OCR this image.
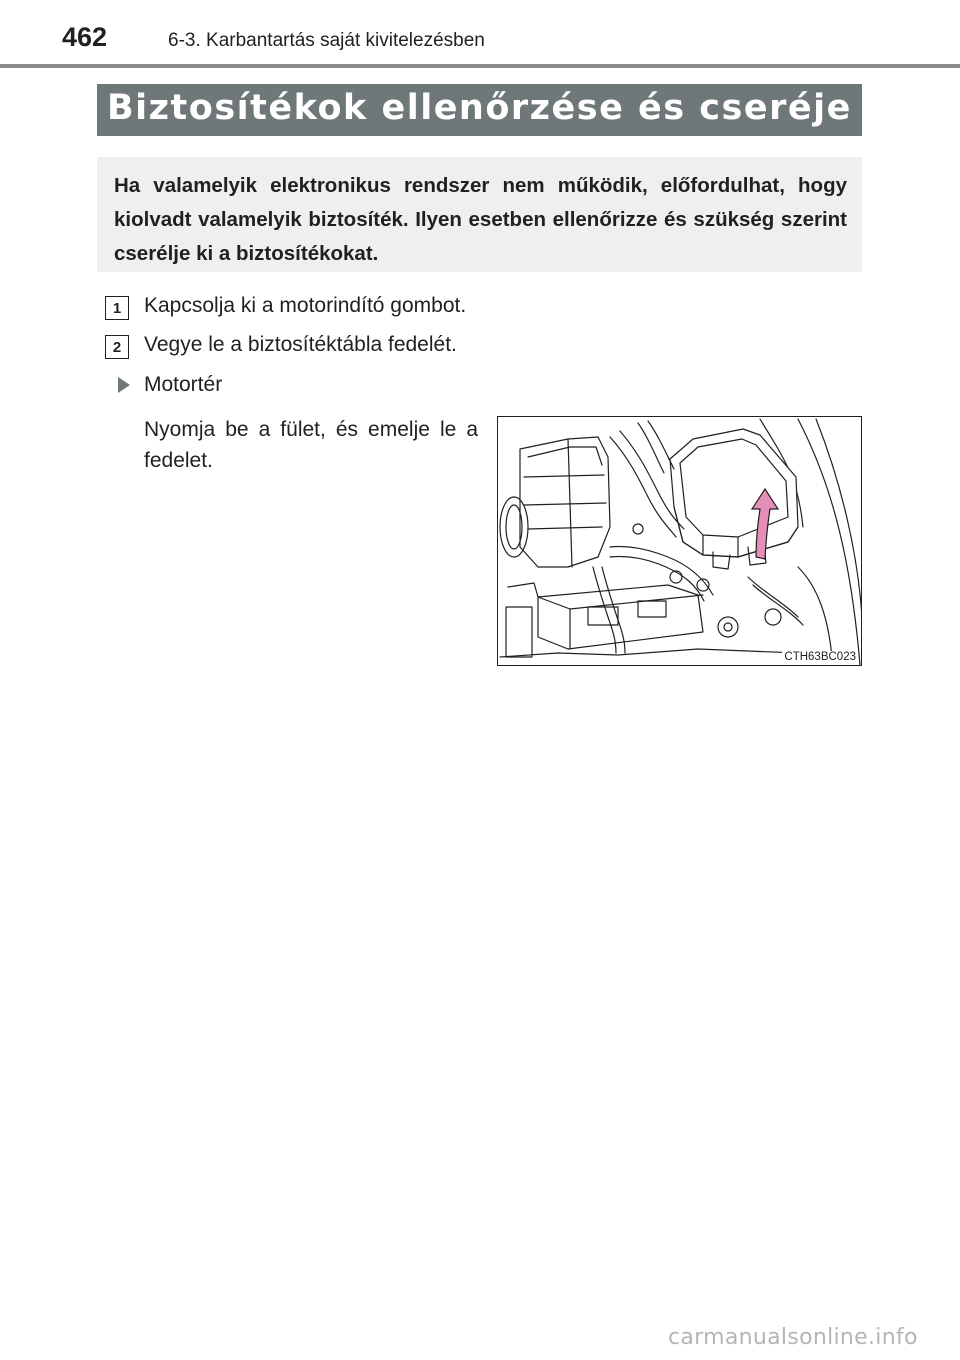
462	6-3. Karbantartás saját kivitelezésben
Biztosítékok ellenőrzése és cseréje
Ha valamelyik elektronikus rendszer nem működik, előfordulhat, hogy kiolvadt valamelyik biztosíték. Ilyen esetben ellenőrizze és szükség szerint cserélje ki a biztosítékokat.
1	Kapcsolja ki a motorindító gombot.
2	Vegye le a biztosítéktábla fedelét.
Motortér
Nyomja be a fület, és emelje le a fedelet.
CTH63BC023
carmanualsonline.info
